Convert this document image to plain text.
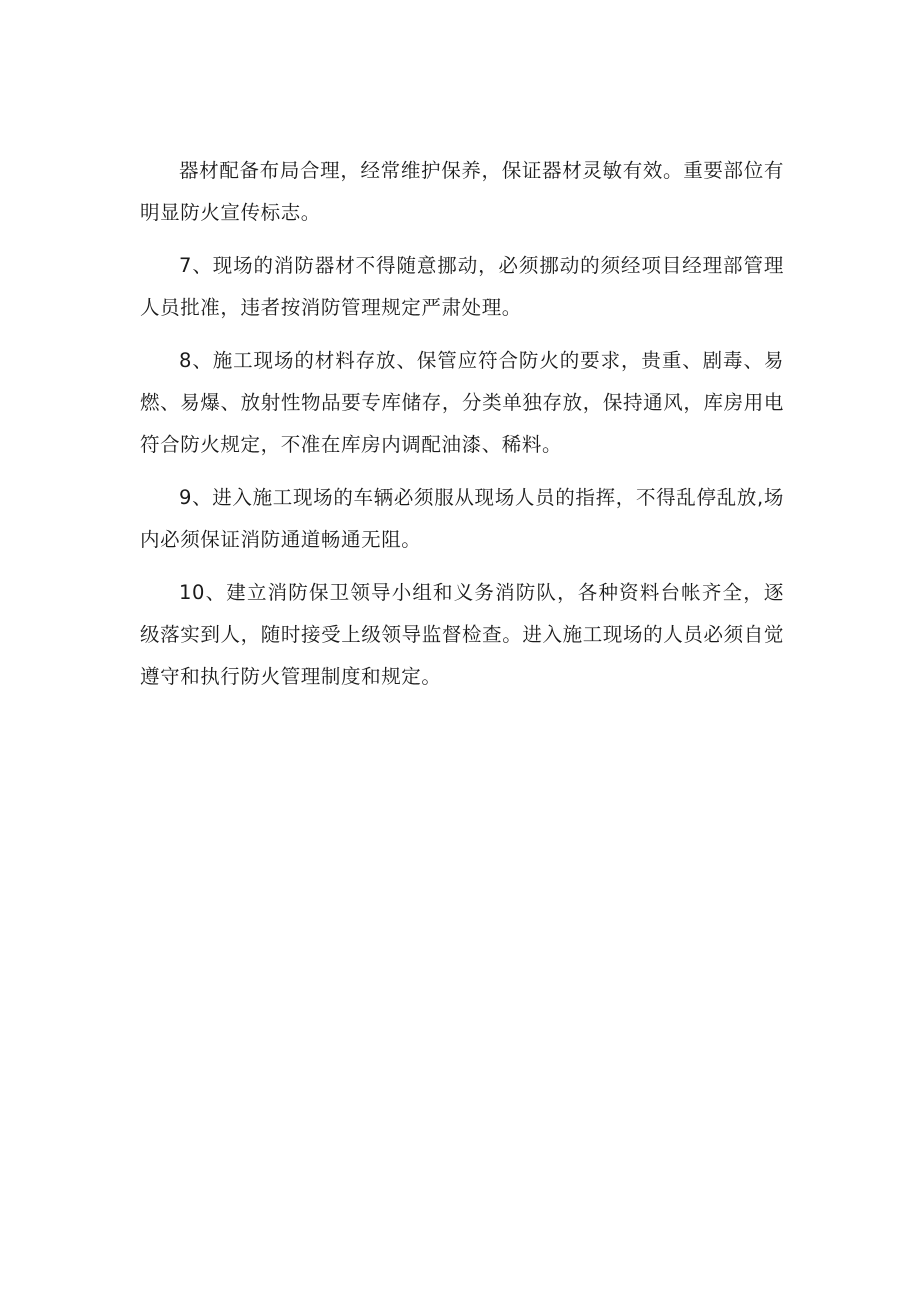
器材配备布局合理，经常维护保养，保证器材灵敏有效。重要部位有明显防火宣传标志。

7、现场的消防器材不得随意挪动，必须挪动的须经项目经理部管理人员批准，违者按消防管理规定严肃处理。

8、施工现场的材料存放、保管应符合防火的要求，贵重、剧毒、易燃、易爆、放射性物品要专库储存，分类单独存放，保持通风，库房用电符合防火规定，不准在库房内调配油漆、稀料。

9、进入施工现场的车辆必须服从现场人员的指挥，不得乱停乱放,场内必须保证消防通道畅通无阻。

10、建立消防保卫领导小组和义务消防队，各种资料台帐齐全，逐级落实到人，随时接受上级领导监督检查。进入施工现场的人员必须自觉遵守和执行防火管理制度和规定。
